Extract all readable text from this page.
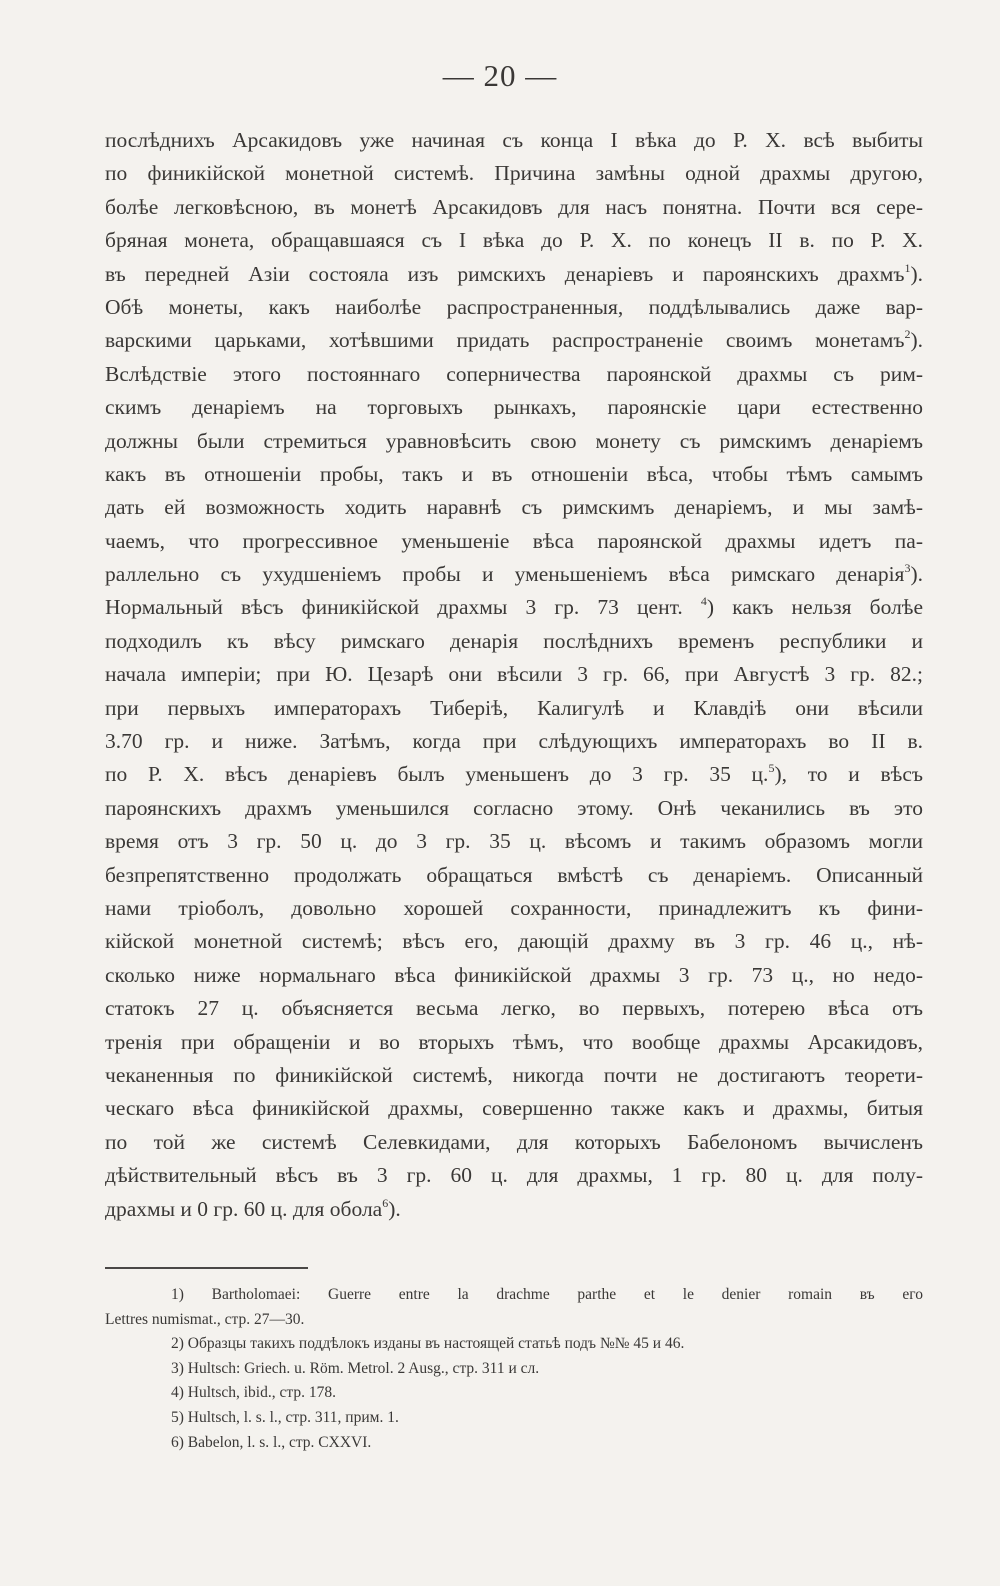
— 20 —
послѣднихъ Арсакидовъ уже начиная съ конца I вѣка до Р. Х. всѣ выбиты
по финикійской монетной системѣ. Причина замѣны одной драхмы другою,
болѣе легковѣсною, въ монетѣ Арсакидовъ для насъ понятна. Почти вся сере-
бряная монета, обращавшаяся съ I вѣка до Р. Х. по конецъ II в. по Р. Х.
въ передней Азіи состояла изъ римскихъ денаріевъ и пароянскихъ драхмъ$^1$).
Обѣ монеты, какъ наиболѣе распространенныя, поддѣлывались даже вар-
варскими царьками, хотѣвшими придать распространеніе своимъ монетамъ$^2$).
Вслѣдствіе этого постояннаго соперничества пароянской драхмы съ рим-
скимъ денаріемъ на торговыхъ рынкахъ, пароянскіе цари естественно
должны были стремиться уравновѣсить свою монету съ римскимъ денаріемъ
какъ въ отношеніи пробы, такъ и въ отношеніи вѣса, чтобы тѣмъ самымъ
дать ей возможность ходить наравнѣ съ римскимъ денаріемъ, и мы замѣ-
чаемъ, что прогрессивное уменьшеніе вѣса пароянской драхмы идетъ па-
раллельно съ ухудшеніемъ пробы и уменьшеніемъ вѣса римскаго денарія$^3$).
Нормальный вѣсъ финикійской драхмы 3 гр. 73 цент. $^4$) какъ нельзя болѣе
подходилъ къ вѣсу римскаго денарія послѣднихъ временъ республики и
начала имперіи; при Ю. Цезарѣ они вѣсили 3 гр. 66, при Августѣ 3 гр. 82.;
при первыхъ императорахъ Тиберіѣ, Калигулѣ и Клавдіѣ они вѣсили
3.70 гр. и ниже. Затѣмъ, когда при слѣдующихъ императорахъ во II в.
по Р. Х. вѣсъ денаріевъ былъ уменьшенъ до 3 гр. 35 ц.$^5$), то и вѣсъ
пароянскихъ драхмъ уменьшился согласно этому. Онѣ чеканились въ это
время отъ 3 гр. 50 ц. до 3 гр. 35 ц. вѣсомъ и такимъ образомъ могли
безпрепятственно продолжать обращаться вмѣстѣ съ денаріемъ. Описанный
нами тріоболъ, довольно хорошей сохранности, принадлежитъ къ фини-
кійской монетной системѣ; вѣсъ его, дающій драхму въ 3 гр. 46 ц., нѣ-
сколько ниже нормальнаго вѣса финикійской драхмы 3 гр. 73 ц., но недо-
статокъ 27 ц. объясняется весьма легко, во первыхъ, потерею вѣса отъ
тренія при обращеніи и во вторыхъ тѣмъ, что вообще драхмы Арсакидовъ,
чеканенныя по финикійской системѣ, никогда почти не достигаютъ теорети-
ческаго вѣса финикійской драхмы, совершенно также какъ и драхмы, битыя
по той же системѣ Селевкидами, для которыхъ Бабелономъ вычисленъ
дѣйствительный вѣсъ въ 3 гр. 60 ц. для драхмы, 1 гр. 80 ц. для полу-
драхмы и 0 гр. 60 ц. для обола$^6$).
1) Bartholomaei: Guerre entre la drachme parthe et le denier romain въ его
Lettres numismat., стр. 27—30.
2) Образцы такихъ поддѣлокъ изданы въ настоящей статьѣ подъ №№ 45 и 46.
3) Hultsch: Griech. u. Röm. Metrol. 2 Ausg., стр. 311 и сл.
4) Hultsch, ibid., стр. 178.
5) Hultsch, l. s. l., стр. 311, прим. 1.
6) Babelon, l. s. l., стр. CXXVI.
